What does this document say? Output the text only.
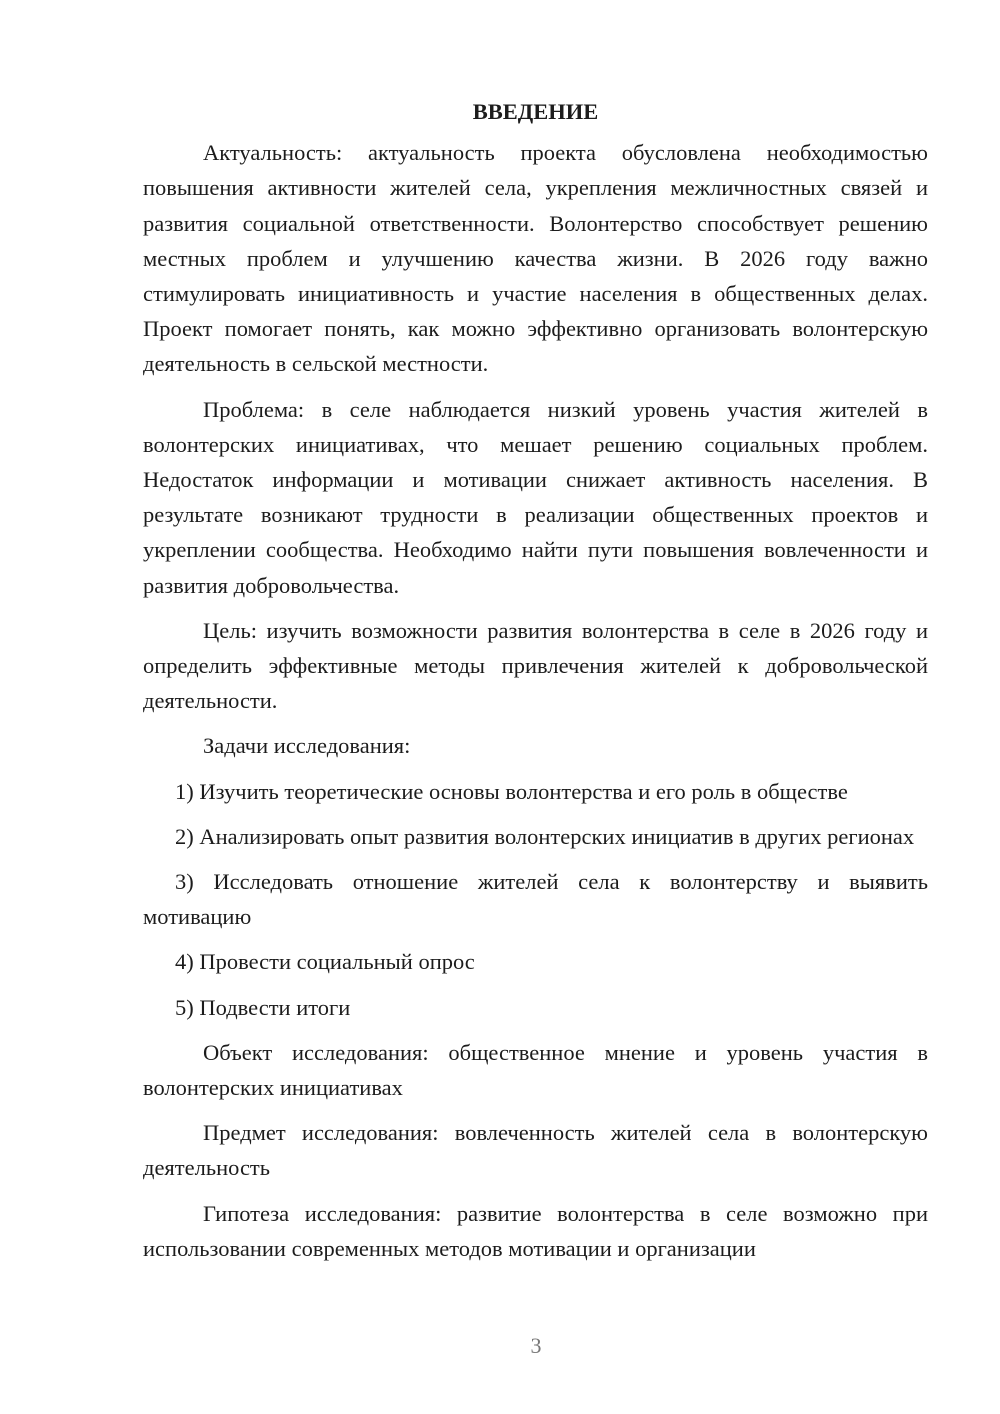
ВВЕДЕНИЕ
Актуальность: актуальность проекта обусловлена необходимостью повышения активности жителей села, укрепления межличностных связей и развития социальной ответственности. Волонтерство способствует решению местных проблем и улучшению качества жизни. В 2026 году важно стимулировать инициативность и участие населения в общественных делах. Проект помогает понять, как можно эффективно организовать волонтерскую деятельность в сельской местности.
Проблема: в селе наблюдается низкий уровень участия жителей в волонтерских инициативах, что мешает решению социальных проблем. Недостаток информации и мотивации снижает активность населения. В результате возникают трудности в реализации общественных проектов и укреплении сообщества. Необходимо найти пути повышения вовлеченности и развития добровольчества.
Цель: изучить возможности развития волонтерства в селе в 2026 году и определить эффективные методы привлечения жителей к добровольческой деятельности.
Задачи исследования:
1) Изучить теоретические основы волонтерства и его роль в обществе
2) Анализировать опыт развития волонтерских инициатив в других регионах
3) Исследовать отношение жителей села к волонтерству и выявить мотивацию
4) Провести социальный опрос
5) Подвести итоги
Объект исследования: общественное мнение и уровень участия в волонтерских инициативах
Предмет исследования: вовлеченность жителей села в волонтерскую деятельность
Гипотеза исследования: развитие волонтерства в селе возможно при использовании современных методов мотивации и организации
3
